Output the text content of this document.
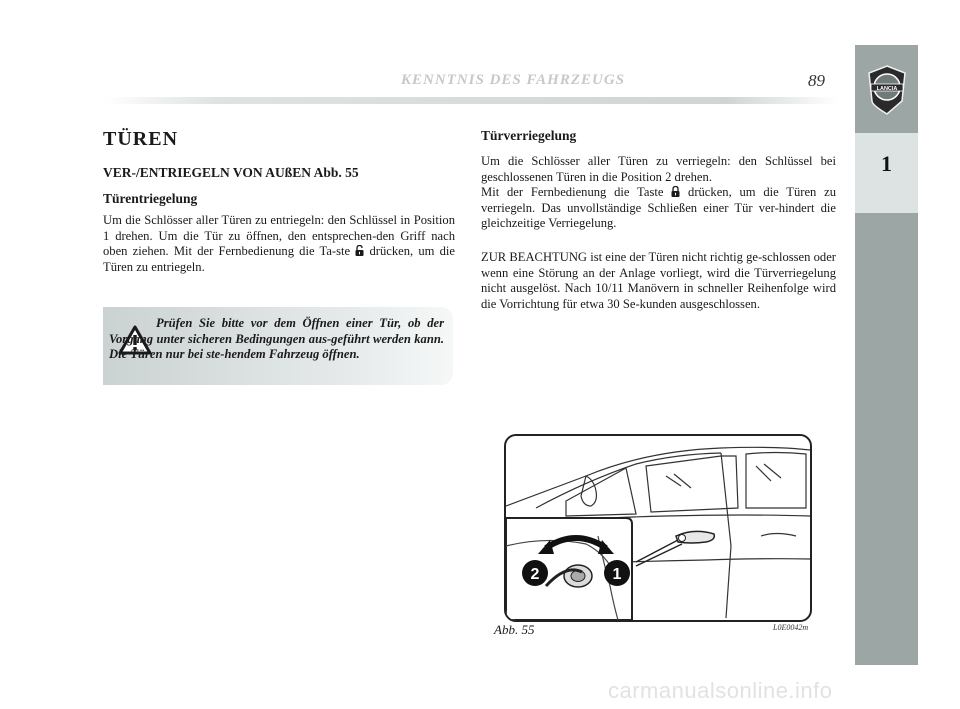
LANCIA
1
KENNTNIS DES FAHRZEUGS	89
TÜREN
VER-/ENTRIEGELN VON AUßEN Abb. 55
Türentriegelung

Um die Schlösser aller Türen zu entriegeln: den Schlüssel in Position 1 drehen. Um die Tür zu öffnen, den entsprechen-den Griff nach oben ziehen. Mit der Fernbedienung die Ta-ste drücken, um die Türen zu entriegeln.

Prüfen Sie bitte vor dem Öffnen einer Tür, ob der Vorgang unter sicheren Bedingungen aus-geführt werden kann. Die Türen nur bei ste-hendem Fahrzeug öffnen.

Türverriegelung

Um die Schlösser aller Türen zu verriegeln: den Schlüssel bei geschlossenen Türen in die Position 2 drehen.

Mit der Fernbedienung die Taste drücken, um die Türen zu verriegeln. Das unvollständige Schließen einer Tür ver-hindert die gleichzeitige Verriegelung.

ZUR BEACHTUNG ist eine der Türen nicht richtig ge-schlossen oder wenn eine Störung an der Anlage vorliegt, wird die Türverriegelung nicht ausgelöst. Nach 10/11 Manövern in schneller Reihenfolge wird die Vorrichtung für etwa 30 Se-kunden ausgeschlossen.

2	1
Abb. 55	L0E0042m
carmanualsonline.info
